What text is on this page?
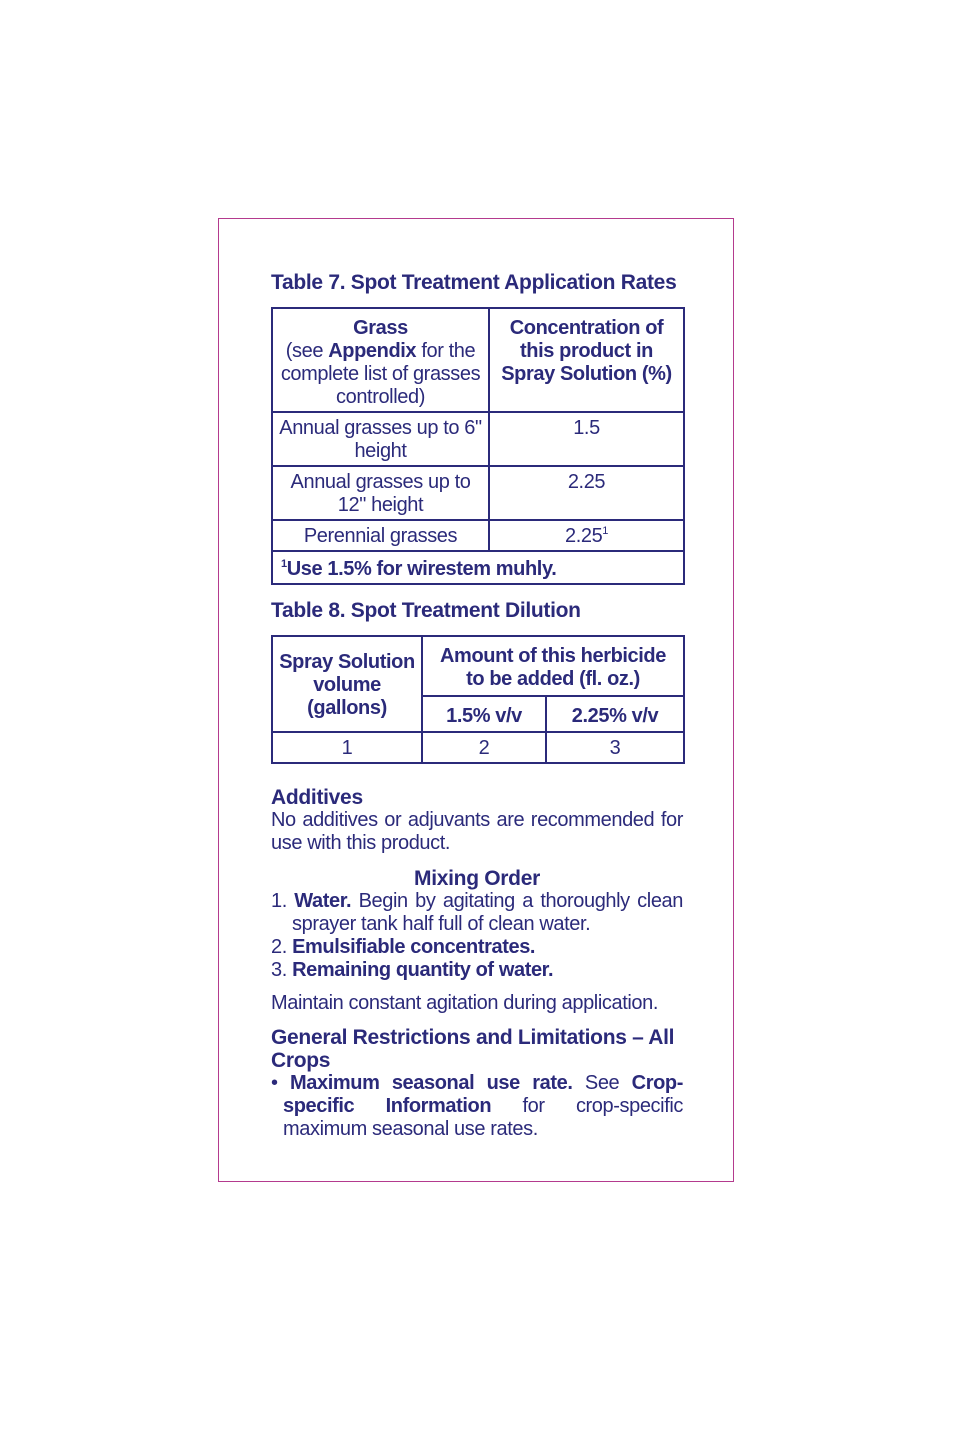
Table 7. Spot Treatment Application Rates
Grass
(see Appendix for the complete list of grasses controlled)	Concentration of this product in Spray Solution (%)
Annual grasses up to 6" height	1.5
Annual grasses up to 12" height	2.25
Perennial grasses	2.25$^1$
$^1$Use 1.5% for wirestem muhly.	
Table 8. Spot Treatment Dilution
Spray Solution volume (gallons)	Amount of this herbicide to be added (fl. oz.)	
	1.5% v/v	2.25% v/v
1	2	3
Additives
No additives or adjuvants are recommended for use with this product.
Mixing Order
1. Water. Begin by agitating a thoroughly clean sprayer tank half full of clean water.
2. Emulsifiable concentrates.
3. Remaining quantity of water.
Maintain constant agitation during application.
General Restrictions and Limitations – All Crops
• Maximum seasonal use rate. See Crop-specific Information for crop-specific maximum seasonal use rates.
